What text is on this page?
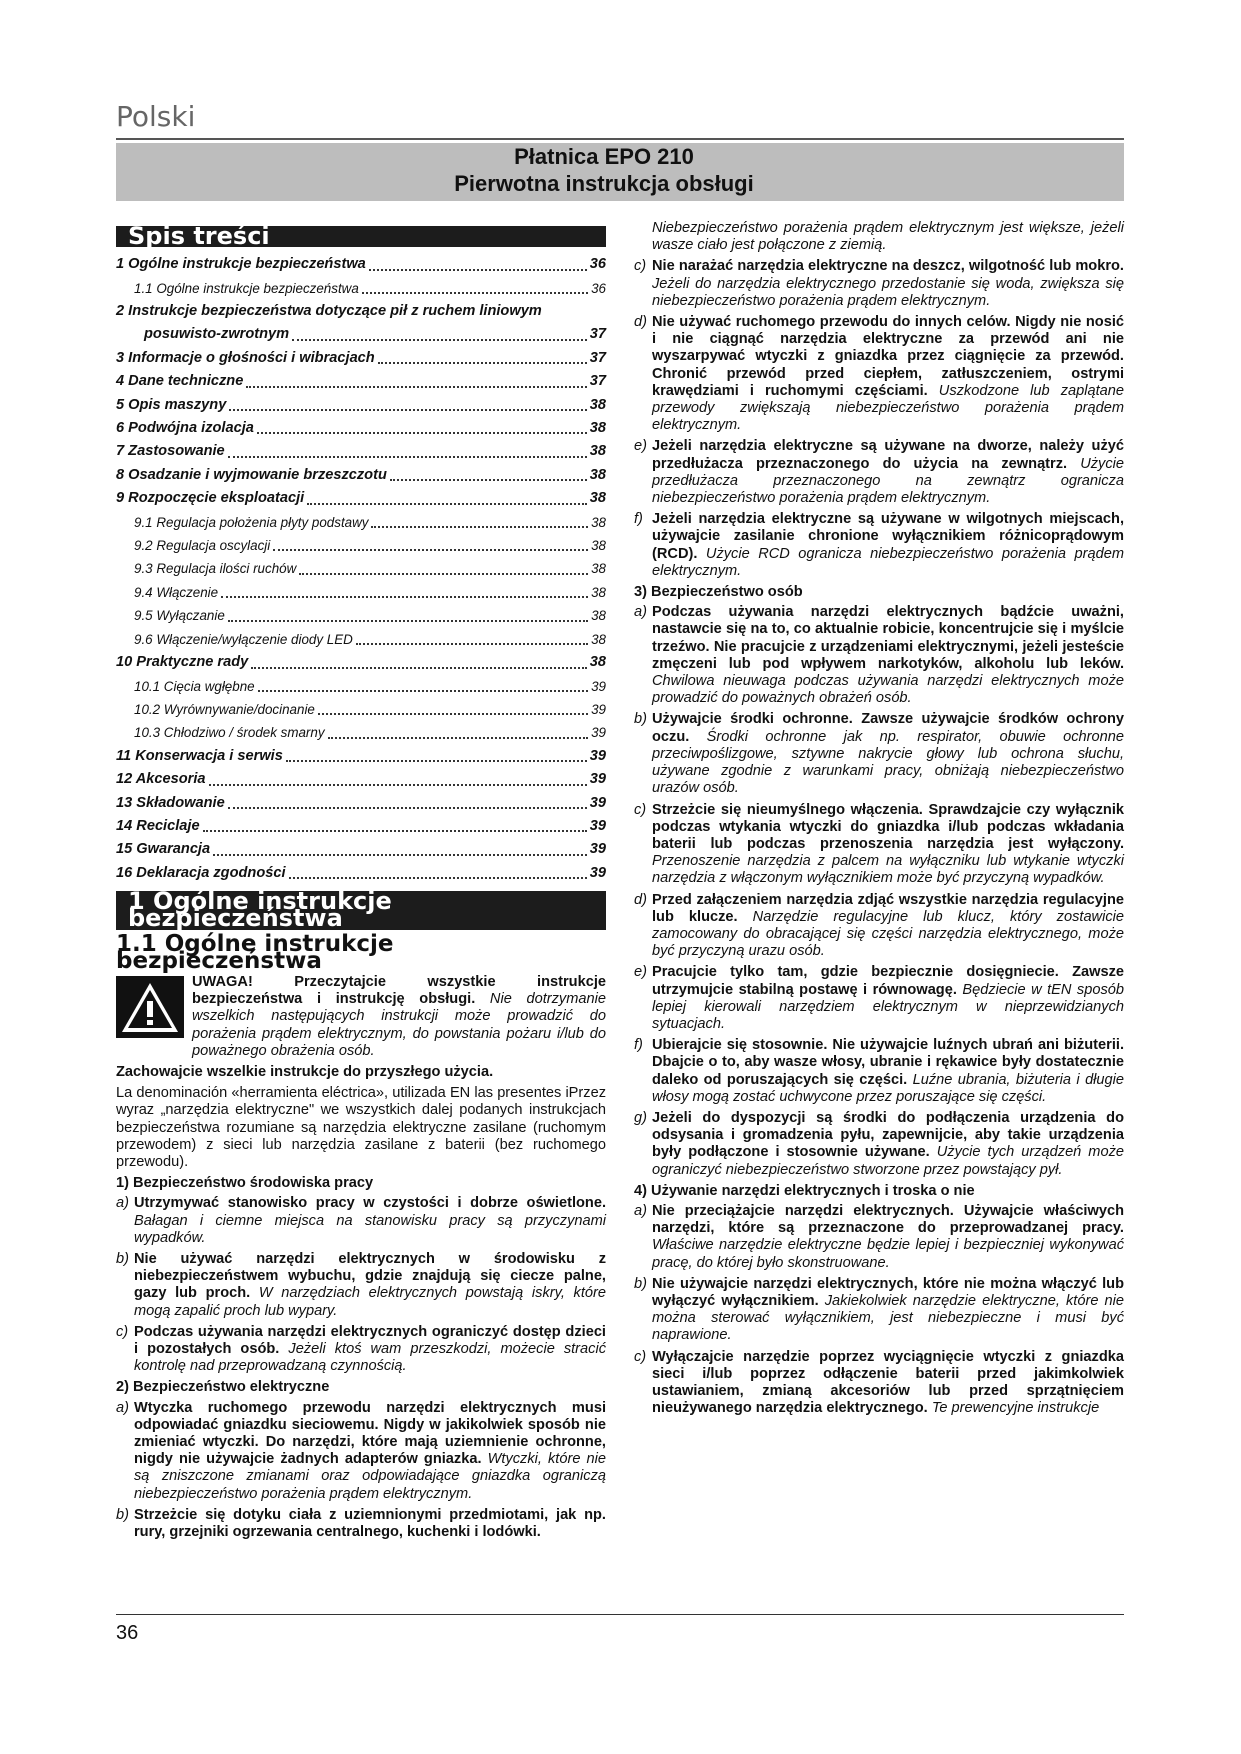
Polski
Płatnica EPO 210
Pierwotna instrukcja obsługi
Spis treści
1 Ogólne instrukcje bezpieczeństwa	36
1.1 Ogólne instrukcje bezpieczeństwa	36
2 Instrukcje bezpieczeństwa dotyczące pił z ruchem liniowym
posuwisto-zwrotnym	37
3 Informacje o głośności i wibracjach	37
4 Dane techniczne	37
5 Opis maszyny	38
6 Podwójna izolacja	38
7 Zastosowanie	38
8 Osadzanie i wyjmowanie brzeszczotu	38
9 Rozpoczęcie eksploatacji	38
9.1 Regulacja położenia płyty podstawy	38
9.2 Regulacja oscylacji	38
9.3 Regulacja ilości ruchów	38
9.4 Włączenie	38
9.5 Wyłączanie	38
9.6 Włączenie/wyłączenie diody LED	38
10 Praktyczne rady	38
10.1 Cięcia wgłębne	39
10.2 Wyrównywanie/docinanie	39
10.3 Chłodziwo / środek smarny	39
11 Konserwacja i serwis	39
12 Akcesoria	39
13 Składowanie	39
14 Reciclaje	39
15 Gwarancja	39
16 Deklaracja zgodności	39
1 Ogólne instrukcje bezpieczeństwa
1.1 Ogólne instrukcje bezpieczeństwa

UWAGA! Przeczytajcie wszystkie instrukcje bezpieczeństwa i instrukcję obsługi. Nie dotrzymanie wszelkich następujących instrukcji może prowadzić do porażenia prądem elektrycznym, do powstania pożaru i/lub do poważnego obrażenia osób.

Zachowajcie wszelkie instrukcje do przyszłego użycia.

La denominación «herramienta eléctrica», utilizada EN las presentes iPrzez wyraz „narzędzia elektryczne" we wszystkich dalej podanych instrukcjach bezpieczeństwa rozumiane są narzędzia elektryczne zasilane (ruchomym przewodem) z sieci lub narzędzia zasilane z baterii (bez ruchomego przewodu).

1) Bezpieczeństwo środowiska pracy
a) Utrzymywać stanowisko pracy w czystości i dobrze oświetlone. Bałagan i ciemne miejsca na stanowisku pracy są przyczynami wypadków.
b) Nie używać narzędzi elektrycznych w środowisku z niebezpieczeństwem wybuchu, gdzie znajdują się ciecze palne, gazy lub proch. W narzędziach elektrycznych powstają iskry, które mogą zapalić proch lub wypary.
c) Podczas używania narzędzi elektrycznych ograniczyć dostęp dzieci i pozostałych osób. Jeżeli ktoś wam przeszkodzi, możecie stracić kontrolę nad przeprowadzaną czynnością.
2) Bezpieczeństwo elektryczne
a) Wtyczka ruchomego przewodu narzędzi elektrycznych musi odpowiadać gniazdku sieciowemu. Nigdy w jakikolwiek sposób nie zmieniać wtyczki. Do narzędzi, które mają uziemnienie ochronne, nigdy nie używajcie żadnych adapterów gniazka. Wtyczki, które nie są zniszczone zmianami oraz odpowiadające gniazdka ograniczą niebezpieczeństwo porażenia prądem elektrycznym.
b) Strzeżcie się dotyku ciała z uziemnionymi przedmiotami, jak np. rury, grzejniki ogrzewania centralnego, kuchenki i lodówki.

Niebezpieczeństwo porażenia prądem elektrycznym jest większe, jeżeli wasze ciało jest połączone z ziemią.

c) Nie narażać narzędzia elektryczne na deszcz, wilgotność lub mokro. Jeżeli do narzędzia elektrycznego przedostanie się woda, zwiększa się niebezpieczeństwo porażenia prądem elektrycznym.
d) Nie używać ruchomego przewodu do innych celów. Nigdy nie nosić i nie ciągnąć narzędzia elektryczne za przewód ani nie wyszarpywać wtyczki z gniazdka przez ciągnięcie za przewód. Chronić przewód przed ciepłem, zatłuszczeniem, ostrymi krawędziami i ruchomymi częściami. Uszkodzone lub zaplątane przewody zwiększają niebezpieczeństwo porażenia prądem elektrycznym.
e) Jeżeli narzędzia elektryczne są używane na dworze, należy użyć przedłużacza przeznaczonego do użycia na zewnątrz. Użycie przedłużacza przeznaczonego na zewnątrz ogranicza niebezpieczeństwo porażenia prądem elektrycznym.
f) Jeżeli narzędzia elektryczne są używane w wilgotnych miejscach, używajcie zasilanie chronione wyłącznikiem różnicoprądowym (RCD). Użycie RCD ogranicza niebezpieczeństwo porażenia prądem elektrycznym.
3) Bezpieczeństwo osób
a) Podczas używania narzędzi elektrycznych bądźcie uważni, nastawcie się na to, co aktualnie robicie, koncentrujcie się i myślcie trzeźwo. Nie pracujcie z urządzeniami elektrycznymi, jeżeli jesteście zmęczeni lub pod wpływem narkotyków, alkoholu lub leków. Chwilowa nieuwaga podczas używania narzędzi elektrycznych może prowadzić do poważnych obrażeń osób.
b) Używajcie środki ochronne. Zawsze używajcie środków ochrony oczu. Środki ochronne jak np. respirator, obuwie ochronne przeciwpoślizgowe, sztywne nakrycie głowy lub ochrona słuchu, używane zgodnie z warunkami pracy, obniżają niebezpieczeństwo urazów osób.
c) Strzeżcie się nieumyślnego włączenia. Sprawdzajcie czy wyłącznik podczas wtykania wtyczki do gniazdka i/lub podczas wkładania baterii lub podczas przenoszenia narzędzia jest wyłączony. Przenoszenie narzędzia z palcem na wyłączniku lub wtykanie wtyczki narzędzia z włączonym wyłącznikiem może być przyczyną wypadków.
d) Przed załączeniem narzędzia zdjąć wszystkie narzędzia regulacyjne lub klucze. Narzędzie regulacyjne lub klucz, który zostawicie zamocowany do obracającej się części narzędzia elektrycznego, może być przyczyną urazu osób.
e) Pracujcie tylko tam, gdzie bezpiecznie dosięgniecie. Zawsze utrzymujcie stabilną postawę i równowagę. Będziecie w tEN sposób lepiej kierowali narzędziem elektrycznym w nieprzewidzianych sytuacjach.
f) Ubierajcie się stosownie. Nie używajcie luźnych ubrań ani biżuterii. Dbajcie o to, aby wasze włosy, ubranie i rękawice były dostatecznie daleko od poruszających się części. Luźne ubrania, biżuteria i długie włosy mogą zostać uchwycone przez poruszające się części.
g) Jeżeli do dyspozycji są środki do podłączenia urządzenia do odsysania i gromadzenia pyłu, zapewnijcie, aby takie urządzenia były podłączone i stosownie używane. Użycie tych urządzeń może ograniczyć niebezpieczeństwo stworzone przez powstający pył.
4) Używanie narzędzi elektrycznych i troska o nie
a) Nie przeciążajcie narzędzi elektrycznych. Używajcie właściwych narzędzi, które są przeznaczone do przeprowadzanej pracy. Właściwe narzędzie elektryczne będzie lepiej i bezpieczniej wykonywać pracę, do której było skonstruowane.
b) Nie używajcie narzędzi elektrycznych, które nie można włączyć lub wyłączyć wyłącznikiem. Jakiekolwiek narzędzie elektryczne, które nie można sterować wyłącznikiem, jest niebezpieczne i musi być naprawione.
c) Wyłączajcie narzędzie poprzez wyciągnięcie wtyczki z gniazdka sieci i/lub poprzez odłączenie baterii przed jakimkolwiek ustawianiem, zmianą akcesoriów lub przed sprzątnięciem nieużywanego narzędzia elektrycznego. Te prewencyjne instrukcje
36
